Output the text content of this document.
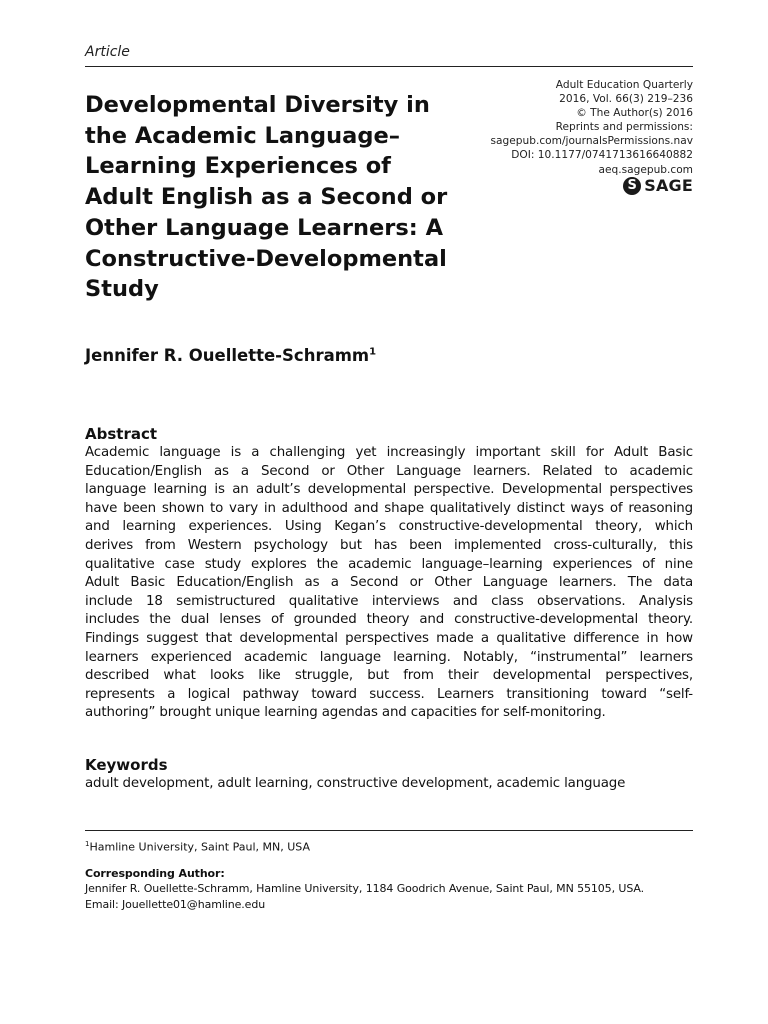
Article
Developmental Diversity in
the Academic Language–
Learning Experiences of
Adult English as a Second or
Other Language Learners: A
Constructive-Developmental
Study
Adult Education Quarterly
2016, Vol. 66(3) 219–236
© The Author(s) 2016
Reprints and permissions:
sagepub.com/journalsPermissions.nav
DOI: 10.1177/0741713616640882
aeq.sagepub.com
S SAGE
Jennifer R. Ouellette-Schramm$^1$
Abstract
Academic language is a challenging yet increasingly important skill for Adult Basic
Education/English as a Second or Other Language learners. Related to academic
language learning is an adult’s developmental perspective. Developmental perspectives
have been shown to vary in adulthood and shape qualitatively distinct ways of reasoning
and learning experiences. Using Kegan’s constructive-developmental theory, which
derives from Western psychology but has been implemented cross-culturally, this
qualitative case study explores the academic language–learning experiences of nine
Adult Basic Education/English as a Second or Other Language learners. The data
include 18 semistructured qualitative interviews and class observations. Analysis
includes the dual lenses of grounded theory and constructive-developmental theory.
Findings suggest that developmental perspectives made a qualitative difference in how
learners experienced academic language learning. Notably, “instrumental” learners
described what looks like struggle, but from their developmental perspectives,
represents a logical pathway toward success. Learners transitioning toward “self-
authoring” brought unique learning agendas and capacities for self-monitoring.
Keywords
adult development, adult learning, constructive development, academic language
$^1$Hamline University, Saint Paul, MN, USA
Corresponding Author:
Jennifer R. Ouellette-Schramm, Hamline University, 1184 Goodrich Avenue, Saint Paul, MN 55105, USA.
Email: Jouellette01@hamline.edu
